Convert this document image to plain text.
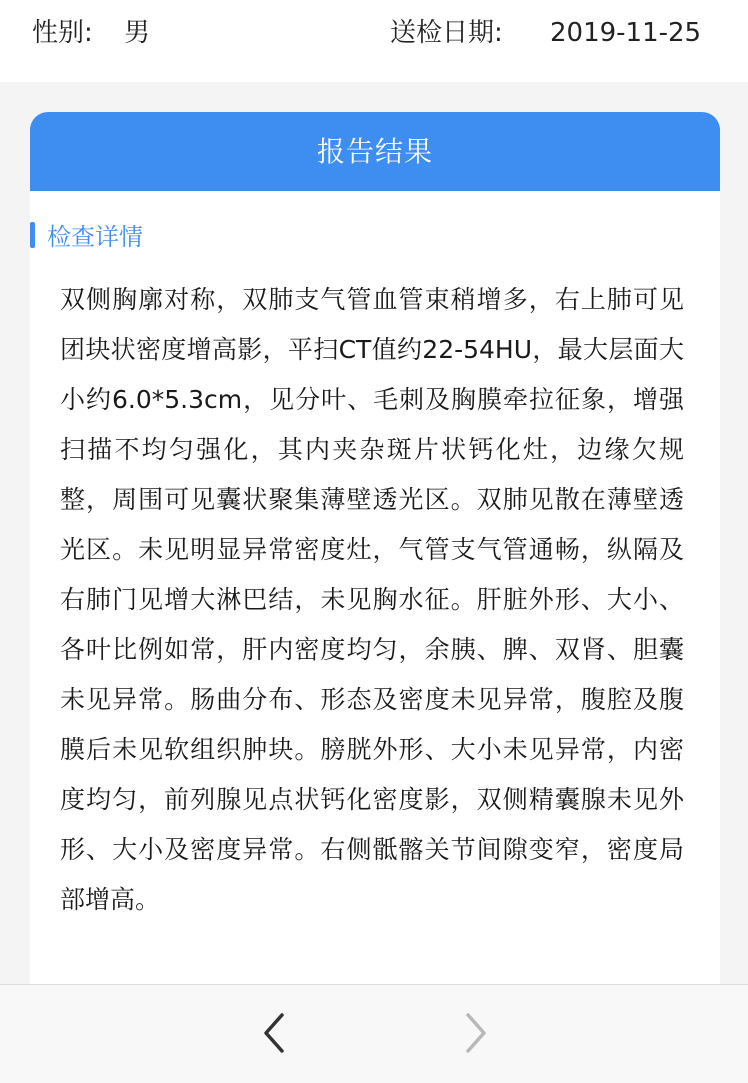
性别: 男	送检日期: 2019-11-25
报告结果
检查详情
双侧胸廓对称，双肺支气管血管束稍增多，右上肺可见团块状密度增高影，平扫CT值约22-54HU，最大层面大小约6.0*5.3cm，见分叶、毛刺及胸膜牵拉征象，增强扫描不均匀强化，其内夹杂斑片状钙化灶，边缘欠规整，周围可见囊状聚集薄壁透光区。双肺见散在薄壁透光区。未见明显异常密度灶，气管支气管通畅，纵隔及右肺门见增大淋巴结，未见胸水征。肝脏外形、大小、各叶比例如常，肝内密度均匀，余胰、脾、双肾、胆囊未见异常。肠曲分布、形态及密度未见异常，腹腔及腹膜后未见软组织肿块。膀胱外形、大小未见异常，内密度均匀，前列腺见点状钙化密度影，双侧精囊腺未见外形、大小及密度异常。右侧骶髂关节间隙变窄，密度局部增高。
